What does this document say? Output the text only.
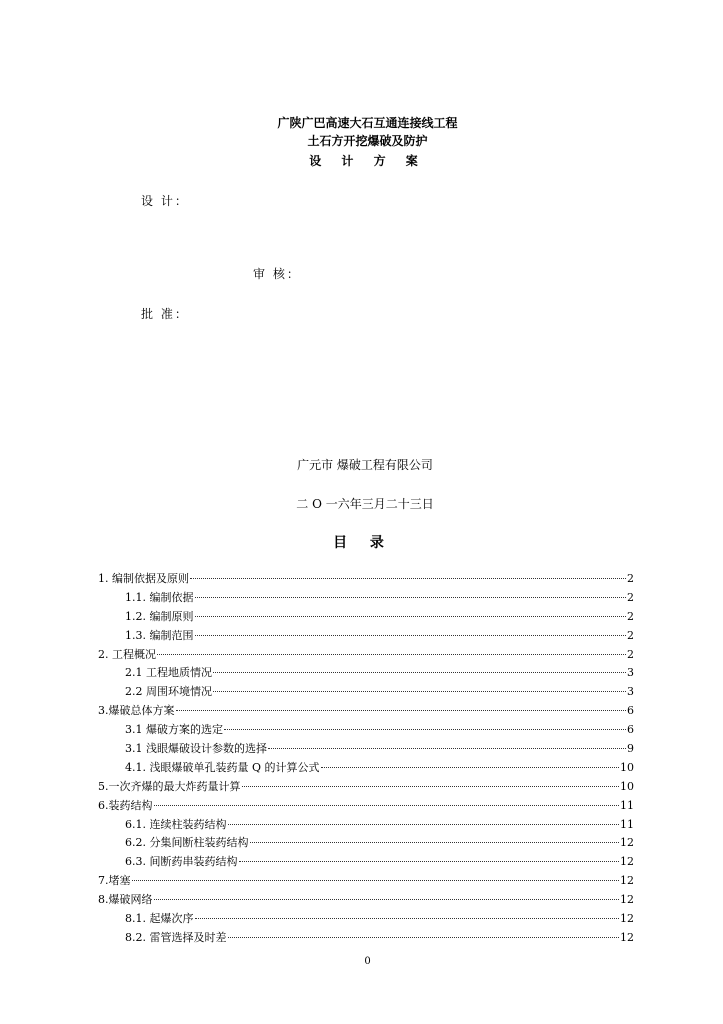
广陕广巴高速大石互通连接线工程
土石方开挖爆破及防护
设 计 方 案
设 计：
审 核：
批 准：
广元市 爆破工程有限公司
二 O 一六年三月二十三日
目 录
1. 编制依据及原则	2
1.1. 编制依据	2
1.2. 编制原则	2
1.3. 编制范围	2
2. 工程概况	2
2.1 工程地质情况	3
2.2 周围环境情况	3
3.爆破总体方案	6
3.1 爆破方案的选定	6
3.1 浅眼爆破设计参数的选择	9
4.1. 浅眼爆破单孔装药量 Q 的计算公式	10
5.一次齐爆的最大炸药量计算	10
6.装药结构	11
6.1. 连续柱装药结构	11
6.2. 分集间断柱装药结构	12
6.3. 间断药串装药结构	12
7.堵塞	12
8.爆破网络	12
8.1. 起爆次序	12
8.2. 雷管选择及时差	12
0
